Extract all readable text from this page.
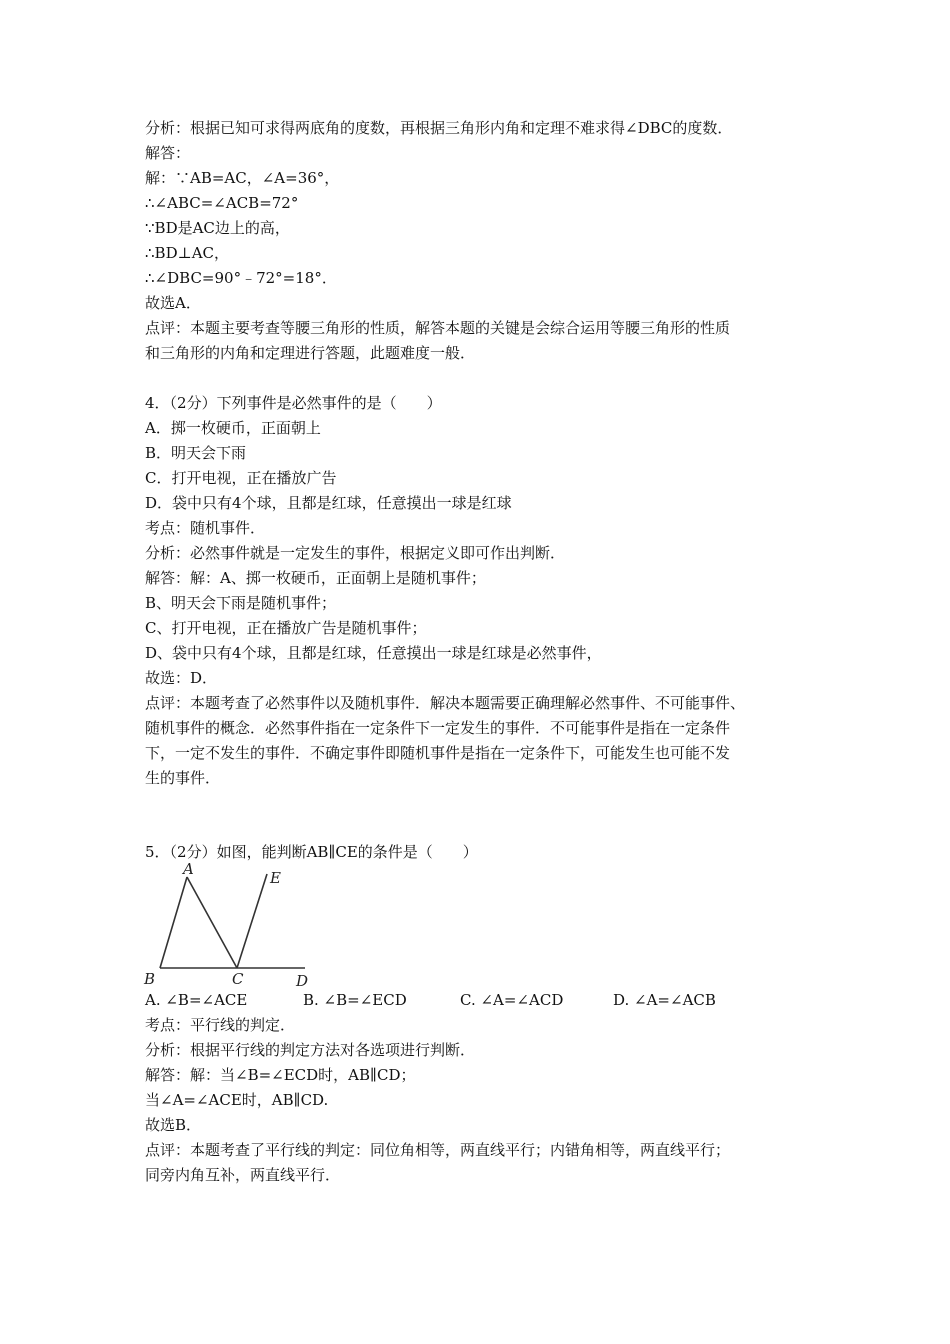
分析：根据已知可求得两底角的度数，再根据三角形内角和定理不难求得∠DBC的度数．
解答：
解：∵AB=AC，∠A=36°，
∴∠ABC=∠ACB=72°
∵BD是AC边上的高，
∴BD⊥AC，
∴∠DBC=90°﹣72°=18°．
故选A．
点评：本题主要考查等腰三角形的性质，解答本题的关键是会综合运用等腰三角形的性质
和三角形的内角和定理进行答题，此题难度一般．
4．（2分）下列事件是必然事件的是（　　）
A．掷一枚硬币，正面朝上
B．明天会下雨
C．打开电视，正在播放广告
D．袋中只有4个球，且都是红球，任意摸出一球是红球
考点：随机事件．
分析：必然事件就是一定发生的事件，根据定义即可作出判断．
解答：解：A、掷一枚硬币，正面朝上是随机事件；
B、明天会下雨是随机事件；
C、打开电视，正在播放广告是随机事件；
D、袋中只有4个球，且都是红球，任意摸出一球是红球是必然事件，
故选：D．
点评：本题考查了必然事件以及随机事件．解决本题需要正确理解必然事件、不可能事件、
随机事件的概念．必然事件指在一定条件下一定发生的事件．不可能事件是指在一定条件
下，一定不发生的事件．不确定事件即随机事件是指在一定条件下，可能发生也可能不发
生的事件．
5．（2分）如图，能判断AB∥CE的条件是（　　）
A
B	C	D
E
A. ∠B=∠ACE	B. ∠B=∠ECD	C. ∠A=∠ACD	D. ∠A=∠ACB
考点：平行线的判定．
分析：根据平行线的判定方法对各选项进行判断．
解答：解：当∠B=∠ECD时，AB∥CD；
当∠A=∠ACE时，AB∥CD.
故选B．
点评：本题考查了平行线的判定：同位角相等，两直线平行；内错角相等，两直线平行；
同旁内角互补，两直线平行．
